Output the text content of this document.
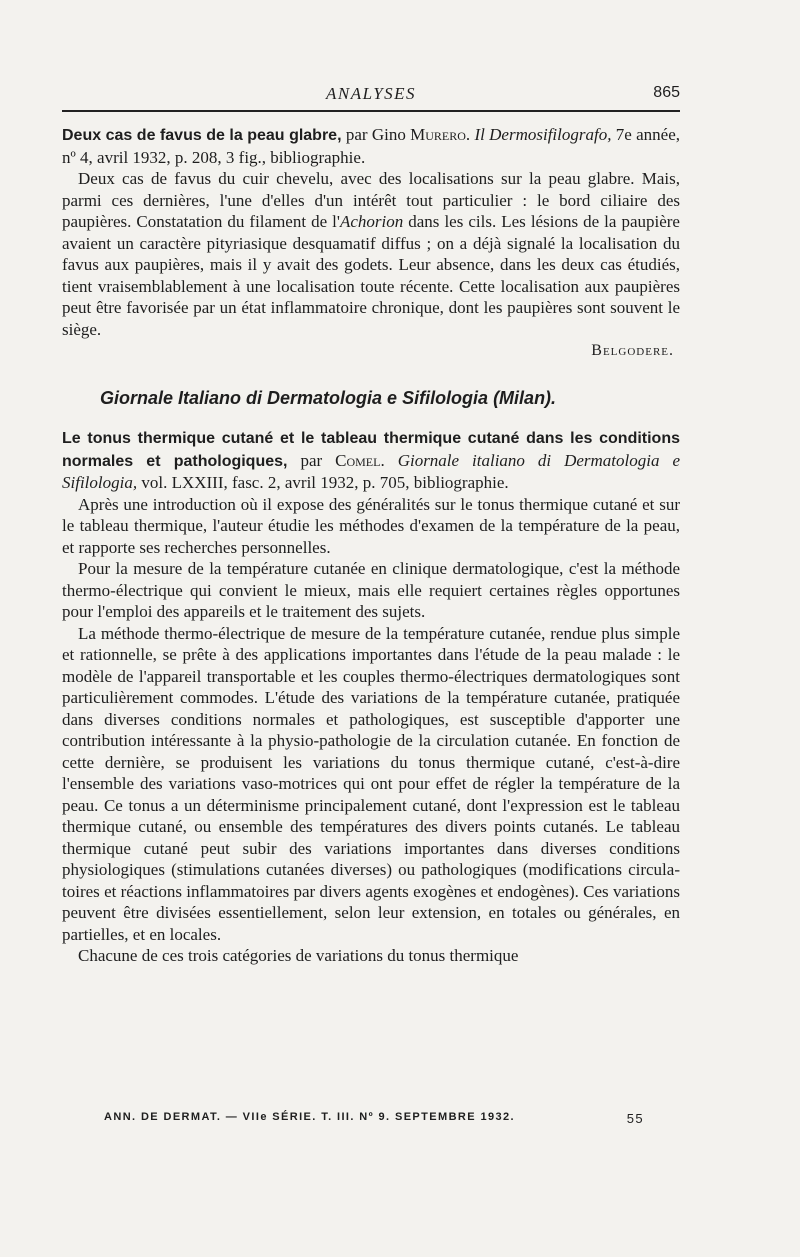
ANALYSES	865

Deux cas de favus de la peau glabre, par Gino Murero. Il Dermosifilografo, 7e année, nº 4, avril 1932, p. 208, 3 fig., bibliographie.

Deux cas de favus du cuir chevelu, avec des localisations sur la peau glabre. Mais, parmi ces dernières, l'une d'elles d'un intérêt tout particulier : le bord ciliaire des paupières. Constatation du filament de l'Achorion dans les cils. Les lésions de la paupière avaient un caractère pityriasique desquamatif diffus ; on a déjà signalé la localisation du favus aux paupières, mais il y avait des godets. Leur absence, dans les deux cas étudiés, tient vraisemblablement à une localisation toute récente. Cette localisation aux paupières peut être favorisée par un état inflammatoire chronique, dont les paupières sont souvent le siège.

Belgodere.
Giornale Italiano di Dermatologia e Sifilologia (Milan).

Le tonus thermique cutané et le tableau thermique cutané dans les conditions normales et pathologiques, par Comel. Giornale italiano di Dermatologia e Sifilologia, vol. LXXIII, fasc. 2, avril 1932, p. 705, bibliographie.

Après une introduction où il expose des généralités sur le tonus thermique cutané et sur le tableau thermique, l'auteur étudie les méthodes d'examen de la température de la peau, et rapporte ses recherches personnelles.

Pour la mesure de la température cutanée en clinique dermatologique, c'est la méthode thermo-électrique qui convient le mieux, mais elle requiert certaines règles opportunes pour l'emploi des appareils et le traitement des sujets.

La méthode thermo-électrique de mesure de la température cutanée, rendue plus simple et rationnelle, se prête à des applications importantes dans l'étude de la peau malade : le modèle de l'appareil transportable et les couples thermo-électriques dermatologiques sont particulièrement commodes. L'étude des variations de la température cutanée, pratiquée dans diverses conditions normales et pathologiques, est susceptible d'apporter une contribution intéressante à la physio-pathologie de la circulation cutanée. En fonction de cette dernière, se produisent les variations du tonus thermique cutané, c'est-à-dire l'ensemble des variations vaso-motrices qui ont pour effet de régler la température de la peau. Ce tonus a un déterminisme principalement cutané, dont l'expression est le tableau thermique cutané, ou ensemble des températures des divers points cutanés. Le tableau thermique cutané peut subir des variations importantes dans diverses conditions physiologiques (stimulations cutanées diverses) ou pathologiques (modifications circulatoires et réactions inflammatoires par divers agents exogènes et endogènes). Ces variations peuvent être divisées essentiellement, selon leur extension, en totales ou générales, en partielles, et en locales.

Chacune de ces trois catégories de variations du tonus thermique

ANN. DE DERMAT. — VIIe SÉRIE. T. III. Nº 9. SEPTEMBRE 1932.	55
